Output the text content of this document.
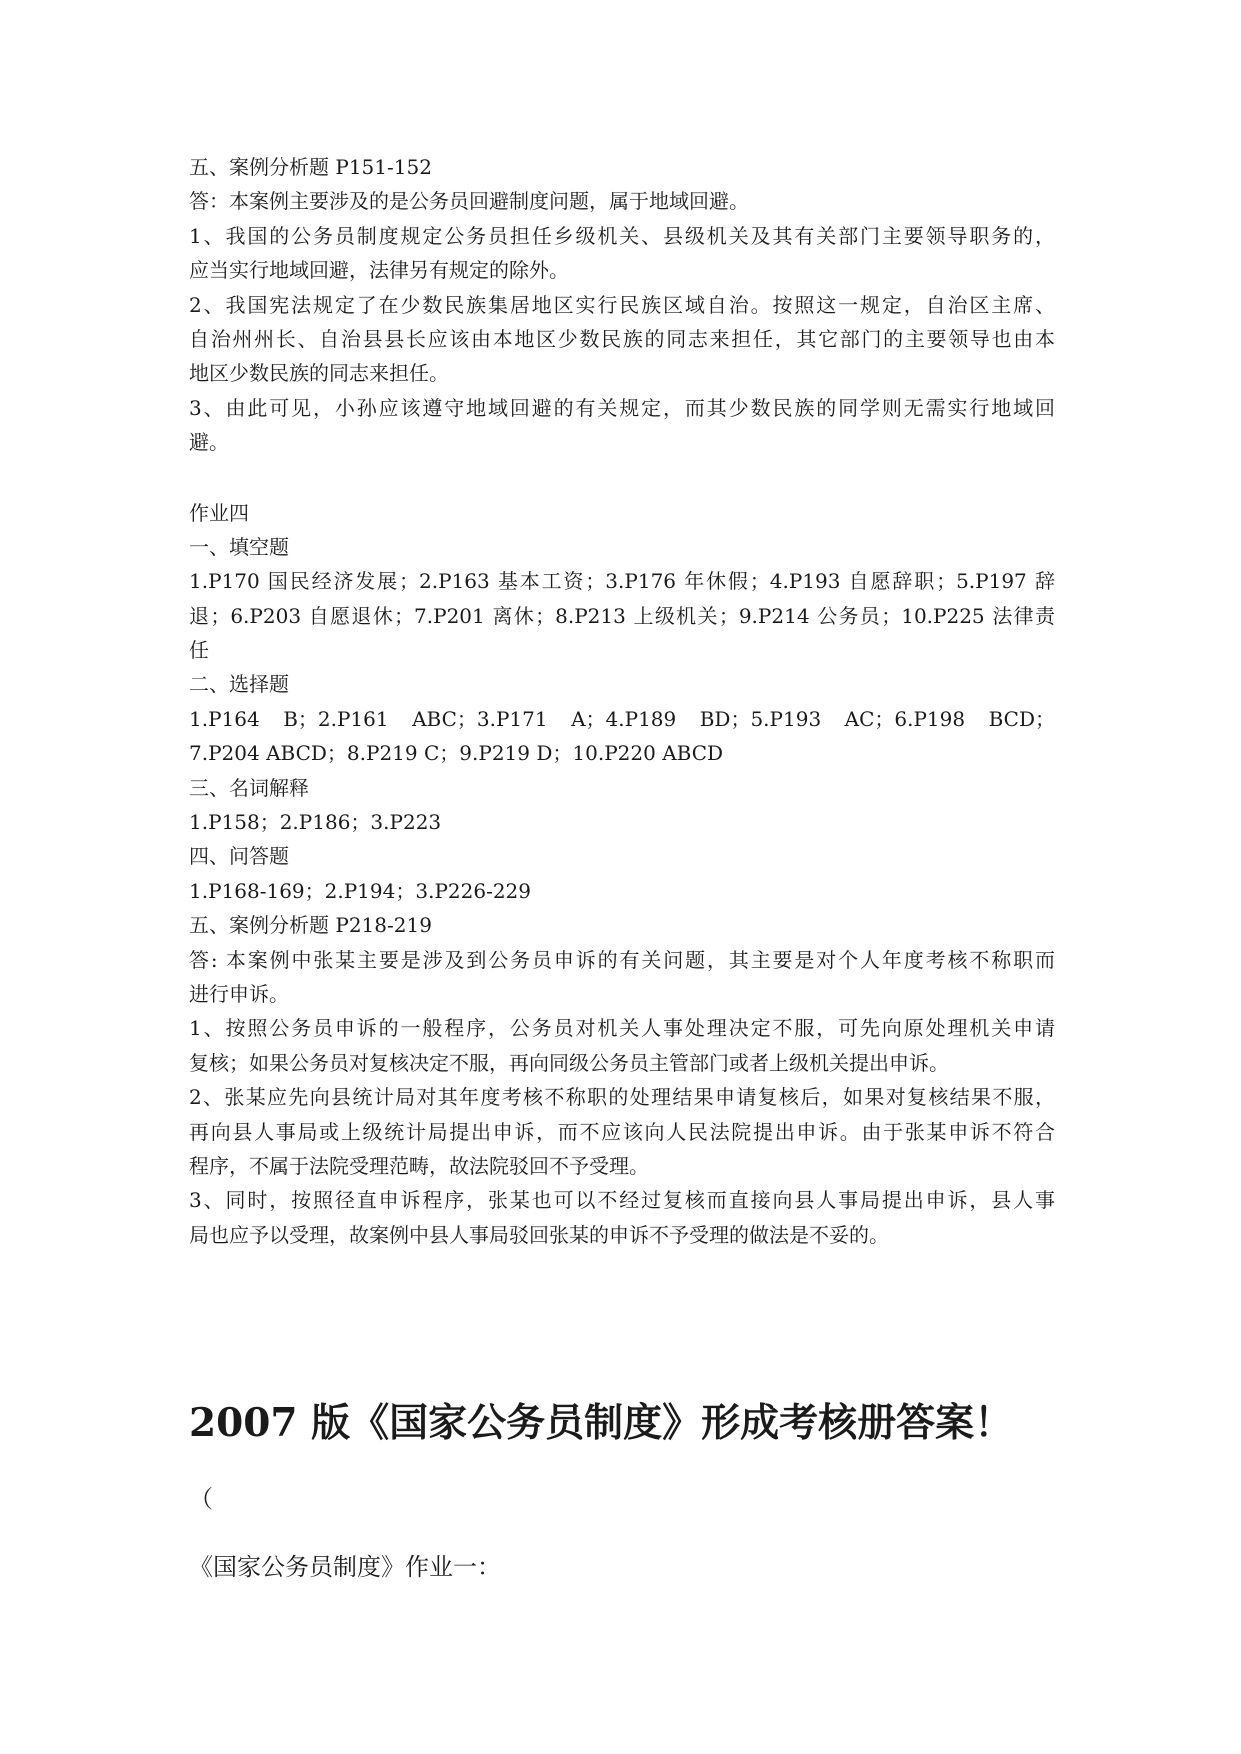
五、案例分析题 P151-152
答：本案例主要涉及的是公务员回避制度问题，属于地域回避。
1、我国的公务员制度规定公务员担任乡级机关、县级机关及其有关部门主要领导职务的，
应当实行地域回避，法律另有规定的除外。
2、我国宪法规定了在少数民族集居地区实行民族区域自治。按照这一规定，自治区主席、
自治州州长、自治县县长应该由本地区少数民族的同志来担任，其它部门的主要领导也由本
地区少数民族的同志来担任。
3、由此可见，小孙应该遵守地域回避的有关规定，而其少数民族的同学则无需实行地域回
避。
作业四
一、填空题
1.P170 国民经济发展；2.P163 基本工资；3.P176 年休假；4.P193 自愿辞职；5.P197 辞
退；6.P203 自愿退休；7.P201 离休；8.P213 上级机关；9.P214 公务员；10.P225 法律责
任
二、选择题
1.P164 B；2.P161 ABC；3.P171 A；4.P189 BD；5.P193 AC；6.P198 BCD；
7.P204 ABCD；8.P219 C；9.P219 D；10.P220 ABCD
三、名词解释
1.P158；2.P186；3.P223
四、问答题
1.P168-169；2.P194；3.P226-229
五、案例分析题 P218-219
答: 本案例中张某主要是涉及到公务员申诉的有关问题，其主要是对个人年度考核不称职而
进行申诉。
1、按照公务员申诉的一般程序，公务员对机关人事处理决定不服，可先向原处理机关申请
复核；如果公务员对复核决定不服，再向同级公务员主管部门或者上级机关提出申诉。
2、张某应先向县统计局对其年度考核不称职的处理结果申请复核后，如果对复核结果不服，
再向县人事局或上级统计局提出申诉，而不应该向人民法院提出申诉。由于张某申诉不符合
程序，不属于法院受理范畴，故法院驳回不予受理。
3、同时，按照径直申诉程序，张某也可以不经过复核而直接向县人事局提出申诉，县人事
局也应予以受理，故案例中县人事局驳回张某的申诉不予受理的做法是不妥的。
2007 版《国家公务员制度》形成考核册答案！
（
《国家公务员制度》作业一：
